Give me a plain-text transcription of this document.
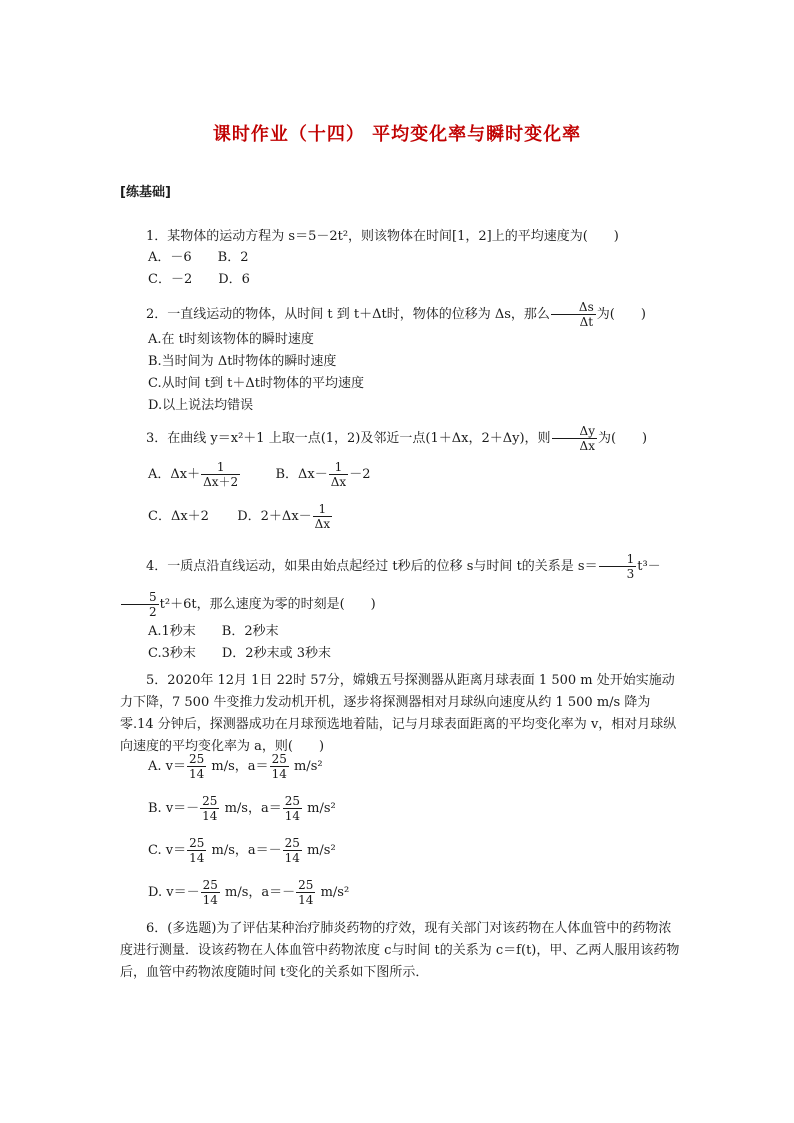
课时作业（十四） 平均变化率与瞬时变化率
[练基础]
1．某物体的运动方程为 s＝5－2t²，则该物体在时间[1，2]上的平均速度为(　　)
A．－6　　B．2
C．－2　　D．6
2．一直线运动的物体，从时间 t 到 t＋Δt时，物体的位移为 Δs，那么 $\frac{\Delta s}{\Delta t}$ 为(　　)
A.在 t时刻该物体的瞬时速度
B.当时间为 Δt时物体的瞬时速度
C.从时间 t到 t＋Δt时物体的平均速度
D.以上说法均错误
3．在曲线 y＝x²＋1 上取一点(1，2)及邻近一点(1＋Δx，2＋Δy)，则 $\frac{\Delta y}{\Delta x}$ 为(　　)
A．$\Delta x+ \frac{1}{\Delta x+2}$	B．$\Delta x- \frac{1}{\Delta x} -2$
C．Δx＋2 D．$2+\Delta x- \frac{1}{\Delta x}$
4．一质点沿直线运动，如果由始点起经过 t秒后的位移 s与时间 t的关系是 $s= \frac{1}{3} t^3-$
$\frac{5}{2} t^2+6t$，那么速度为零的时刻是(　　)
A.1秒末　　B．2秒末
C.3秒末　　D．2秒末或 3秒末
5．2020年 12月 1日 22时 57分，嫦娥五号探测器从距离月球表面 1 500 m 处开始实施动力下降，7 500 牛变推力发动机开机，逐步将探测器相对月球纵向速度从约 1 500 m/s 降为零.14 分钟后，探测器成功在月球预选地着陆，记与月球表面距离的平均变化率为 v，相对月球纵向速度的平均变化率为 a，则(　　)
A. $v= \frac{25}{14} m/s$，$a= \frac{25}{14} m/s^2$
B. $v=- \frac{25}{14} m/s$，$a= \frac{25}{14} m/s^2$
C. $v= \frac{25}{14} m/s$，$a=- \frac{25}{14} m/s^2$
D. $v=- \frac{25}{14} m/s$，$a=- \frac{25}{14} m/s^2$
6．(多选题)为了评估某种治疗肺炎药物的疗效，现有关部门对该药物在人体血管中的药物浓度进行测量．设该药物在人体血管中药物浓度 c与时间 t的关系为 c＝f(t)，甲、乙两人服用该药物后，血管中药物浓度随时间 t变化的关系如下图所示．
